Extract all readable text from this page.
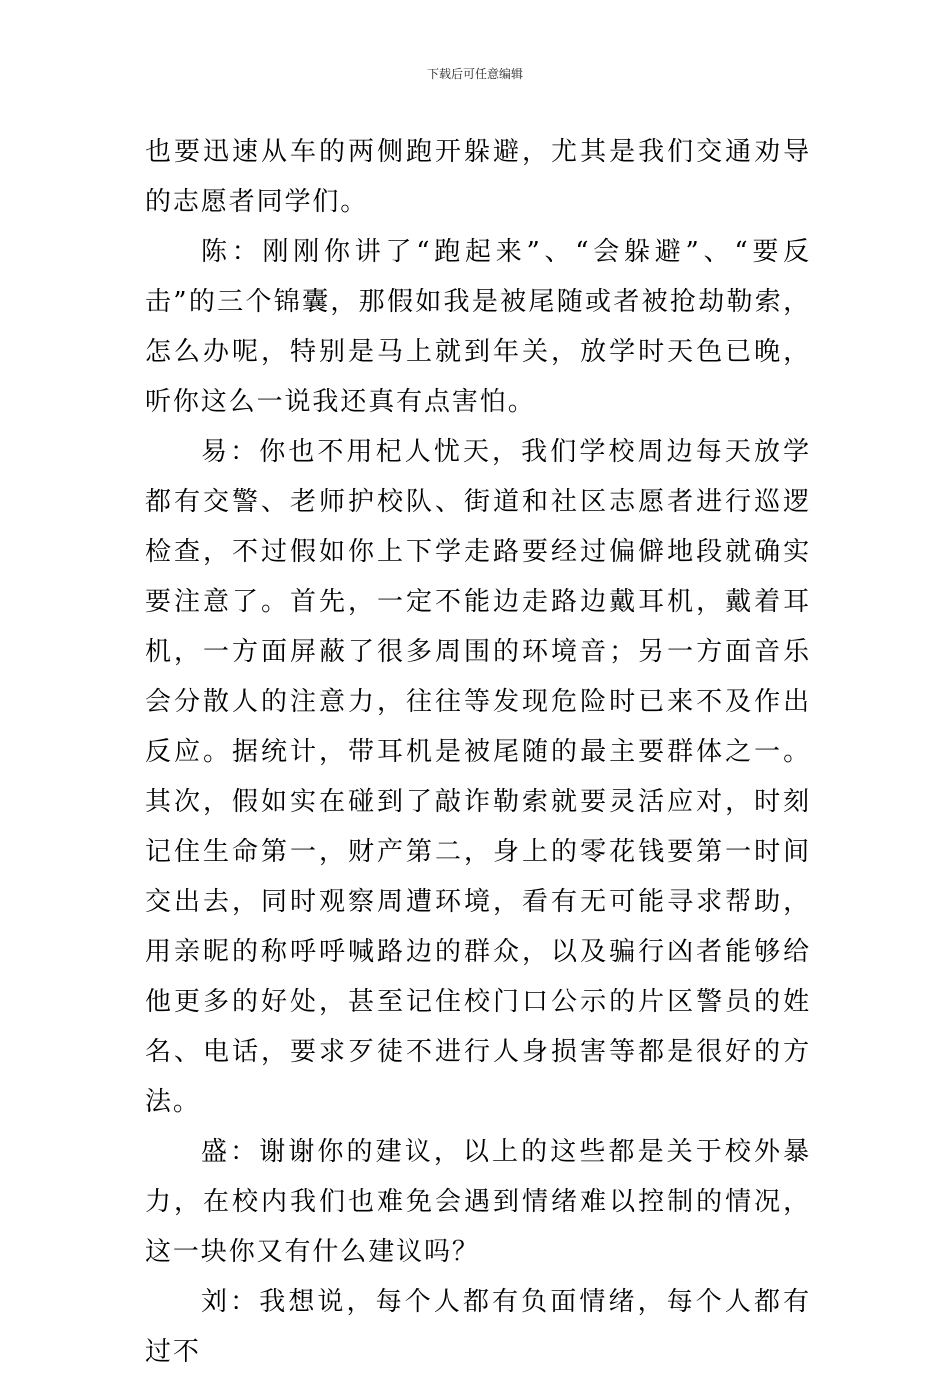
下载后可任意编辑

也要迅速从车的两侧跑开躲避，尤其是我们交通劝导的志愿者同学们。

陈：刚刚你讲了“跑起来”、“会躲避”、“要反击”的三个锦囊，那假如我是被尾随或者被抢劫勒索，怎么办呢，特别是马上就到年关，放学时天色已晚，听你这么一说我还真有点害怕。

易：你也不用杞人忧天，我们学校周边每天放学都有交警、老师护校队、街道和社区志愿者进行巡逻检查，不过假如你上下学走路要经过偏僻地段就确实要注意了。首先，一定不能边走路边戴耳机，戴着耳机，一方面屏蔽了很多周围的环境音；另一方面音乐会分散人的注意力，往往等发现危险时已来不及作出反应。据统计，带耳机是被尾随的最主要群体之一。其次，假如实在碰到了敲诈勒索就要灵活应对，时刻记住生命第一，财产第二，身上的零花钱要第一时间交出去，同时观察周遭环境，看有无可能寻求帮助，用亲昵的称呼呼喊路边的群众，以及骗行凶者能够给他更多的好处，甚至记住校门口公示的片区警员的姓名、电话，要求歹徒不进行人身损害等都是很好的方法。

盛：谢谢你的建议，以上的这些都是关于校外暴力，在校内我们也难免会遇到情绪难以控制的情况，这一块你又有什么建议吗？

刘：我想说，每个人都有负面情绪，每个人都有过不
